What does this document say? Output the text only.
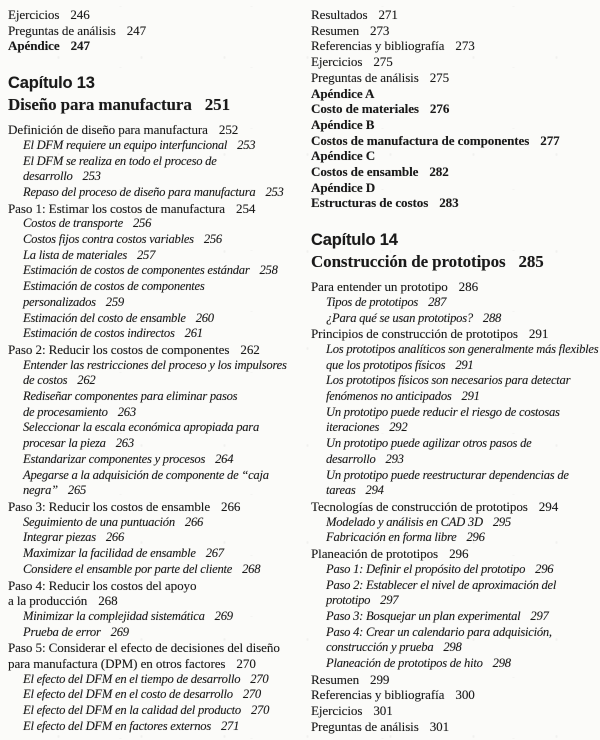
Ejercicios 246
Preguntas de análisis 247
Apéndice 247
Capítulo 13
Diseño para manufactura 251
Definición de diseño para manufactura 252
El DFM requiere un equipo interfuncional 253
El DFM se realiza en todo el proceso de
desarrollo 253
Repaso del proceso de diseño para manufactura 253
Paso 1: Estimar los costos de manufactura 254
Costos de transporte 256
Costos fijos contra costos variables 256
La lista de materiales 257
Estimación de costos de componentes estándar 258
Estimación de costos de componentes
personalizados 259
Estimación del costo de ensamble 260
Estimación de costos indirectos 261
Paso 2: Reducir los costos de componentes 262
Entender las restricciones del proceso y los impulsores
de costos 262
Rediseñar componentes para eliminar pasos
de procesamiento 263
Seleccionar la escala económica apropiada para
procesar la pieza 263
Estandarizar componentes y procesos 264
Apegarse a la adquisición de componente de “caja
negra” 265
Paso 3: Reducir los costos de ensamble 266
Seguimiento de una puntuación 266
Integrar piezas 266
Maximizar la facilidad de ensamble 267
Considere el ensamble por parte del cliente 268
Paso 4: Reducir los costos del apoyo
a la producción 268
Minimizar la complejidad sistemática 269
Prueba de error 269
Paso 5: Considerar el efecto de decisiones del diseño
para manufactura (DPM) en otros factores 270
El efecto del DFM en el tiempo de desarrollo 270
El efecto del DFM en el costo de desarrollo 270
El efecto del DFM en la calidad del producto 270
El efecto del DFM en factores externos 271
Resultados 271
Resumen 273
Referencias y bibliografía 273
Ejercicios 275
Preguntas de análisis 275
Apéndice A
Costo de materiales 276
Apéndice B
Costos de manufactura de componentes 277
Apéndice C
Costos de ensamble 282
Apéndice D
Estructuras de costos 283
Capítulo 14
Construcción de prototipos 285
Para entender un prototipo 286
Tipos de prototipos 287
¿Para qué se usan prototipos? 288
Principios de construcción de prototipos 291
Los prototipos analíticos son generalmente más flexibles
que los prototipos físicos 291
Los prototipos físicos son necesarios para detectar
fenómenos no anticipados 291
Un prototipo puede reducir el riesgo de costosas
iteraciones 292
Un prototipo puede agilizar otros pasos de
desarrollo 293
Un prototipo puede reestructurar dependencias de
tareas 294
Tecnologías de construcción de prototipos 294
Modelado y análisis en CAD 3D 295
Fabricación en forma libre 296
Planeación de prototipos 296
Paso 1: Definir el propósito del prototipo 296
Paso 2: Establecer el nivel de aproximación del
prototipo 297
Paso 3: Bosquejar un plan experimental 297
Paso 4: Crear un calendario para adquisición,
construcción y prueba 298
Planeación de prototipos de hito 298
Resumen 299
Referencias y bibliografía 300
Ejercicios 301
Preguntas de análisis 301
